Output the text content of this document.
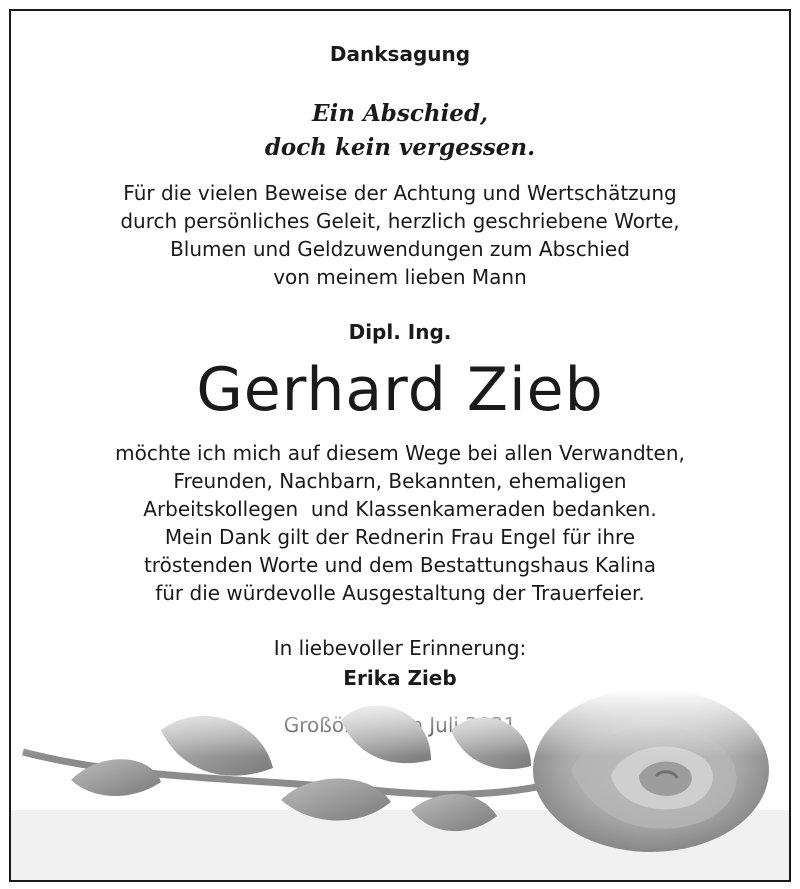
Danksagung
Ein Abschied,
doch kein vergessen.
Für die vielen Beweise der Achtung und Wertschätzung
durch persönliches Geleit, herzlich geschriebene Worte,
Blumen und Geldzuwendungen zum Abschied
von meinem lieben Mann
Dipl. Ing.
Gerhard Zieb
möchte ich mich auf diesem Wege bei allen Verwandten,
Freunden, Nachbarn, Bekannten, ehemaligen
Arbeitskollegen  und Klassenkameraden bedanken.
Mein Dank gilt der Rednerin Frau Engel für ihre
tröstenden Worte und dem Bestattungshaus Kalina
für die würdevolle Ausgestaltung der Trauerfeier.
In liebevoller Erinnerung:
Erika Zieb
